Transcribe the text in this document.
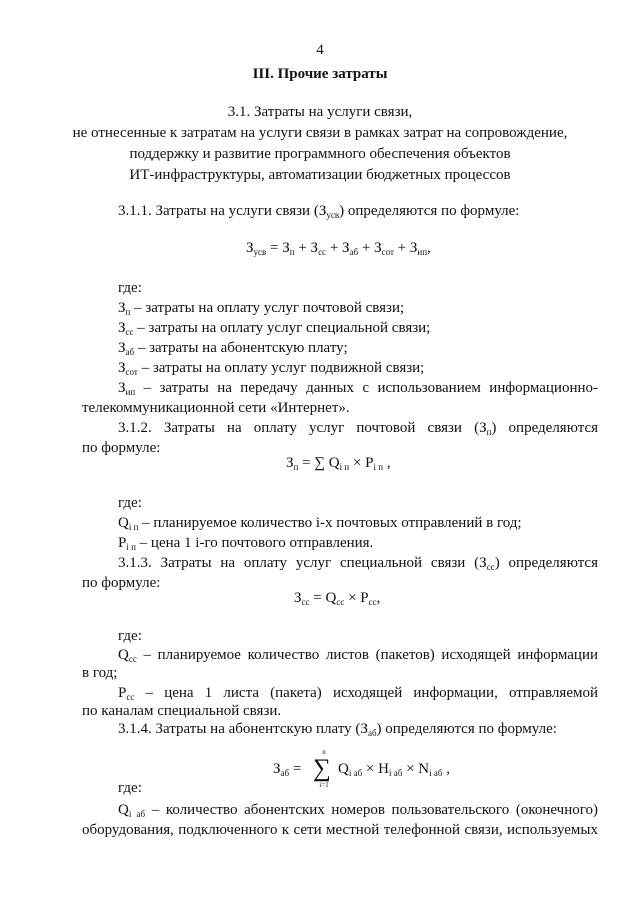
4
III. Прочие затраты
3.1. Затраты на услуги связи,
не отнесенные к затратам на услуги связи в рамках затрат на сопровождение,
поддержку и развитие программного обеспечения объектов
ИТ-инфраструктуры, автоматизации бюджетных процессов
3.1.1. Затраты на услуги связи $(З_{усв})$ определяются по формуле:
$З_{усв} = З_п + З_{сс} + З_{аб} + З_{сот} + З_{ип}$,
где:
$З_п$ – затраты на оплату услуг почтовой связи;
$З_{сс}$ – затраты на оплату услуг специальной связи;
$З_{аб}$ – затраты на абонентскую плату;
$З_{сот}$ – затраты на оплату услуг подвижной связи;
$З_{ип}$ – затраты на передачу данных с использованием информационно-
телекоммуникационной сети «Интернет».
3.1.2. Затраты на оплату услуг почтовой связи $(З_п)$ определяются
по формуле:
$З_п$ = ∑ $Q_{i п} \times P_{i п}$ ,
где:
$Q_{i п}$ – планируемое количество i-х почтовых отправлений в год;
$P_{i п}$ – цена 1 i-го почтового отправления.
3.1.3. Затраты на оплату услуг специальной связи $(З_{сс})$ определяются
по формуле:
$З_{сс} = Q_{сс} \times P_{сс}$,
где:
$Q_{сс}$ – планируемое количество листов (пакетов) исходящей информации
в год;
$P_{сс}$ – цена 1 листа (пакета) исходящей информации, отправляемой
по каналам специальной связи.
3.1.4. Затраты на абонентскую плату $(З_{аб})$ определяются по формуле:
$З_{аб}$ =
n
∑
i=1
$Q_{i аб} \times H_{i аб} \times N_{i аб}$ ,
где:
$Q_{i аб}$ – количество абонентских номеров пользовательского (оконечного)
оборудования, подключенного к сети местной телефонной связи, используемых
